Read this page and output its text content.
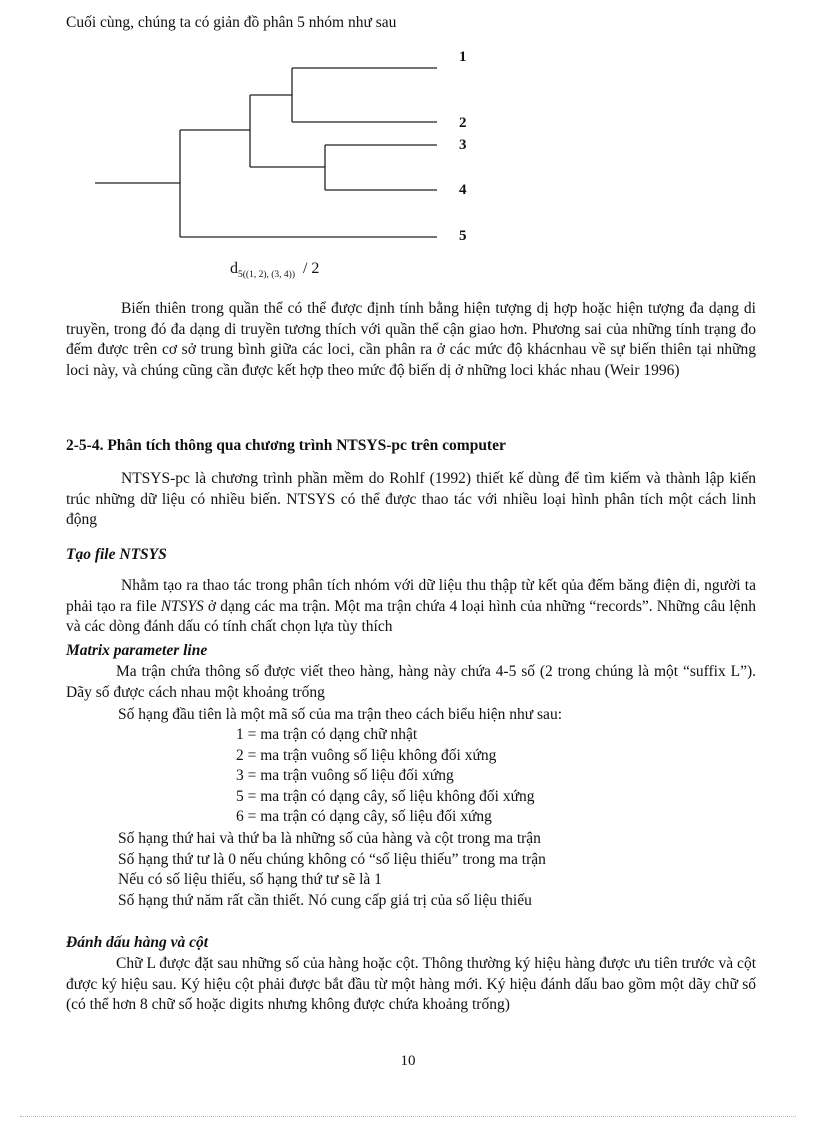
Cuối cùng, chúng ta có giản đồ phân 5 nhóm như sau
1
2
3
4
5
$d_{5((1, 2), (3, 4))} / 2$
Biến thiên trong quần thể có thể được định tính bằng hiện tượng dị hợp hoặc hiện tượng đa dạng di truyền, trong đó đa dạng di truyền tương thích với quần thể cận giao hơn. Phương sai của những tính trạng đo đếm được trên cơ sở trung bình giữa các loci, cần phân ra ở các mức độ khácnhau về sự biến thiên tại những loci này, và chúng cũng cần được kết hợp theo mức độ biến dị ở những loci khác nhau (Weir 1996)
2-5-4. Phân tích thông qua chương trình NTSYS-pc trên computer
NTSYS-pc là chương trình phần mềm do Rohlf (1992) thiết kế dùng để tìm kiếm và thành lập kiến trúc những dữ liệu có nhiều biến. NTSYS có thể được thao tác với nhiều loại hình phân tích một cách linh động
Tạo file NTSYS
Nhằm tạo ra thao tác trong phân tích nhóm với dữ liệu thu thập từ kết qủa đếm băng điện di, người ta phải tạo ra file NTSYS ở dạng các ma trận. Một ma trận chứa 4 loại hình của những “records”. Những câu lệnh và các dòng đánh dấu có tính chất chọn lựa tùy thích
Matrix parameter line
Ma trận chứa thông số được viết theo hàng, hàng này chứa 4-5 số (2 trong chúng là một “suffix L”). Dãy số được cách nhau một khoảng trống
Số hạng đầu tiên là một mã số của ma trận theo cách biểu hiện như sau:
1 = ma trận có dạng chữ nhật
2 = ma trận vuông số liệu không đối xứng
3 = ma trận vuông số liệu đối xứng
5 = ma trận có dạng cây, số liệu không đối xứng
6 = ma trận có dạng cây, số liệu đối xứng
Số hạng thứ hai và thứ ba là những số của hàng và cột trong ma trận
Số hạng thứ tư là 0 nếu chúng không có “số liệu thiếu” trong ma trận
Nếu có số liệu thiếu, số hạng thứ tư sẽ là 1
Số hạng thứ năm rất cần thiết. Nó cung cấp giá trị của số liệu thiếu
Đánh dấu hàng và cột
Chữ L được đặt sau những số của hàng hoặc cột. Thông thường ký hiệu hàng được ưu tiên trước và cột được ký hiệu sau. Ký hiệu cột phải được bắt đầu từ một hàng mới. Ký hiệu đánh dấu bao gồm một dãy chữ số (có thể hơn 8 chữ số hoặc digits nhưng không được chứa khoảng trống)
10
